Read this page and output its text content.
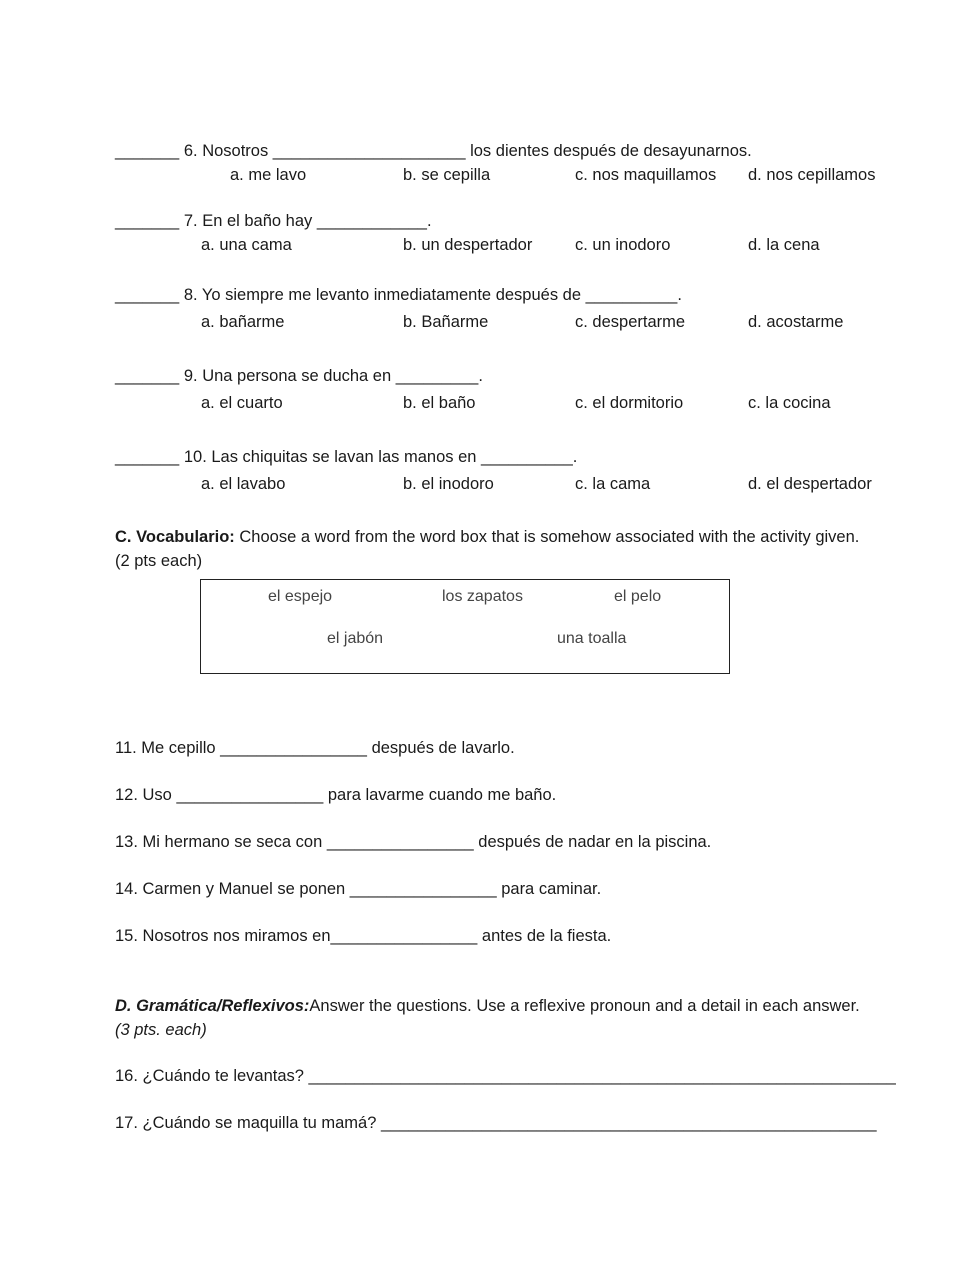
_______ 6. Nosotros _____________________ los dientes después de desayunarnos.
a. me lavo	b. se cepilla	c. nos maquillamos d. nos cepillamos
_______ 7. En el baño hay ____________.
a. una cama	b. un despertador	c. un inodoro	d. la cena
_______ 8. Yo siempre me levanto inmediatamente después de __________.
a. bañarme	b. Bañarme	c. despertarme	d. acostarme
_______ 9. Una persona se ducha en _________.
a. el cuarto	b. el baño	c. el dormitorio	c. la cocina
_______ 10. Las chiquitas se lavan las manos en __________.
a. el lavabo	b. el inodoro	c. la cama	d. el despertador
C. Vocabulario: Choose a word from the word box that is somehow associated with the activity given.
(2 pts each)
el espejo	los zapatos	el pelo
el jabón	una toalla
11. Me cepillo ________________ después de lavarlo.
12. Uso ________________ para lavarme cuando me baño.
13. Mi hermano se seca con ________________ después de nadar en la piscina.
14. Carmen y Manuel se ponen ________________ para caminar.
15. Nosotros nos miramos en________________ antes de la fiesta.
D. Gramática/Reflexivos:Answer the questions. Use a reflexive pronoun and a detail in each answer.
(3 pts. each)
16. ¿Cuándo te levantas? ________________________________________________________________
17. ¿Cuándo se maquilla tu mamá? ______________________________________________________
